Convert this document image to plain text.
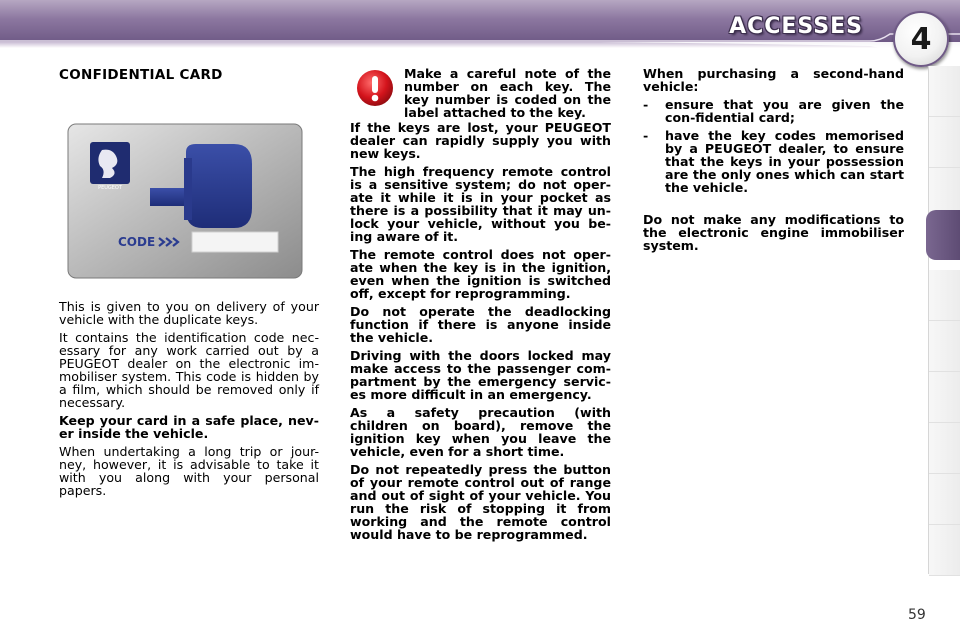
ACCESSES	4
CONFIDENTIAL CARD
PEUGEOT
CODE

This is given to you on delivery of your vehicle with the duplicate keys.

It contains the identification code nec-essary for any work carried out by a PEUGEOT dealer on the electronic im-mobiliser system. This code is hidden by a film, which should be removed only if necessary.

Keep your card in a safe place, nev-er inside the vehicle.

When undertaking a long trip or jour-ney, however, it is advisable to take it with you along with your personal papers.

Make a careful note of the number on each key. The key number is coded on the label attached to the key.

If the keys are lost, your PEUGEOT dealer can rapidly supply you with new keys.

The high frequency remote control is a sensitive system; do not oper-ate it while it is in your pocket as there is a possibility that it may un-lock your vehicle, without you be-ing aware of it.

The remote control does not oper-ate when the key is in the ignition, even when the ignition is switched off, except for reprogramming.

Do not operate the deadlocking function if there is anyone inside the vehicle.

Driving with the doors locked may make access to the passenger com-partment by the emergency servic-es more difficult in an emergency.

As a safety precaution (with children on board), remove the ignition key when you leave the vehicle, even for a short time.

Do not repeatedly press the button of your remote control out of range and out of sight of your vehicle. You run the risk of stopping it from working and the remote control would have to be reprogrammed.

When purchasing a second-hand vehicle:

- ensure that you are given the con-fidential card;
- have the key codes memorised by a PEUGEOT dealer, to ensure that the keys in your possession are the only ones which can start the vehicle.

Do not make any modifications to the electronic engine immobiliser system.

59
